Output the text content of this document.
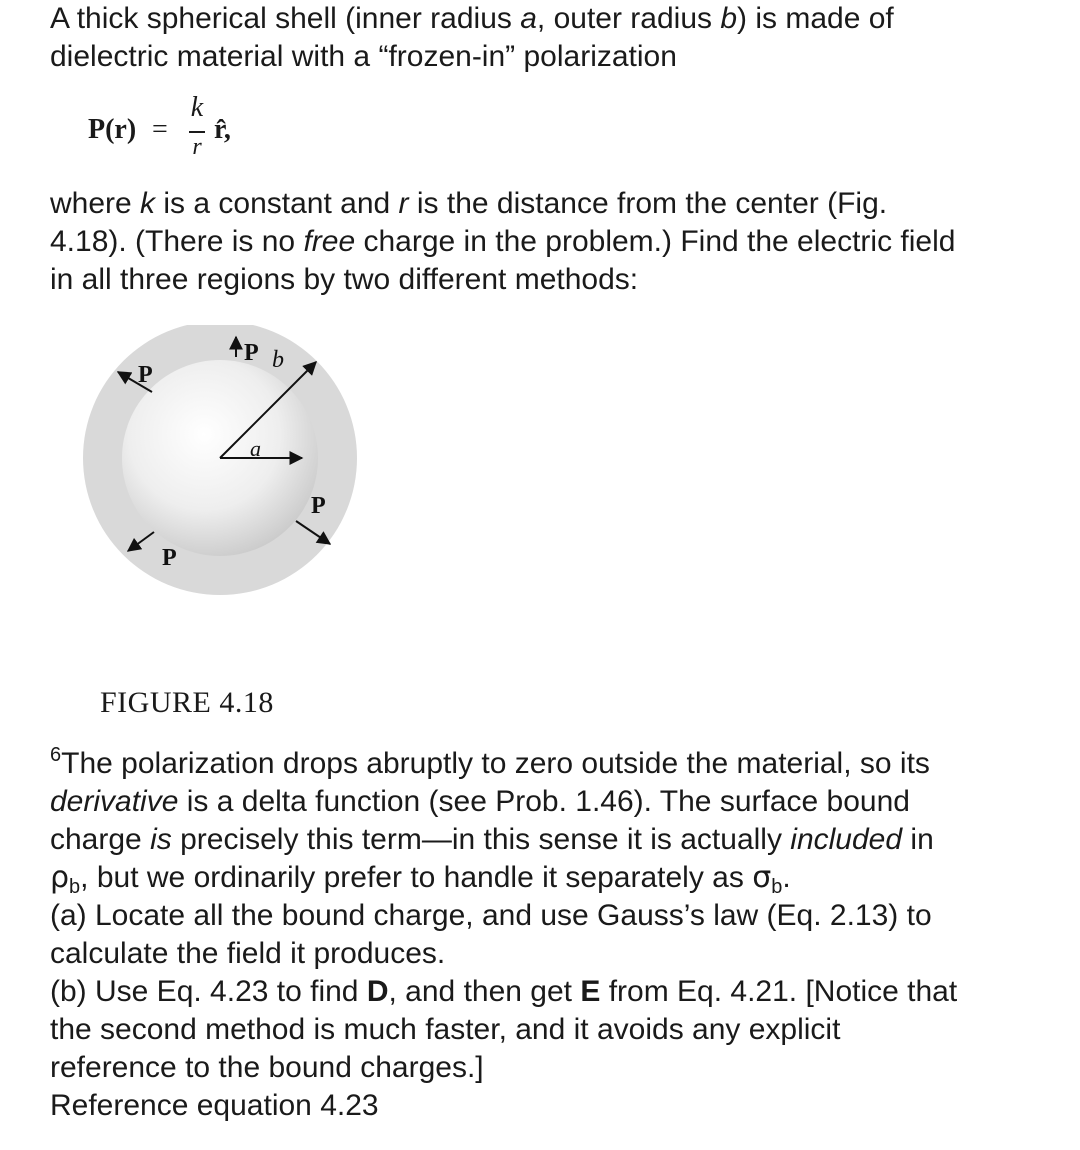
A thick spherical shell (inner radius a, outer radius b) is made of
dielectric material with a “frozen-in” polarization

P(r) =
k
r
r̂,

where k is a constant and r is the distance from the center (Fig.
4.18). (There is no free charge in the problem.) Find the electric field
in all three regions by two different methods:

P
P b
a
P
P
FIGURE 4.18

$^6$The polarization drops abruptly to zero outside the material, so its
derivative is a delta function (see Prob. 1.46). The surface bound
charge is precisely this term—in this sense it is actually included in
$\rho_b$, but we ordinarily prefer to handle it separately as $\sigma_b$.
(a) Locate all the bound charge, and use Gauss’s law (Eq. 2.13) to
calculate the field it produces.
(b) Use Eq. 4.23 to find D, and then get E from Eq. 4.21. [Notice that
the second method is much faster, and it avoids any explicit
reference to the bound charges.]
Reference equation 4.23
